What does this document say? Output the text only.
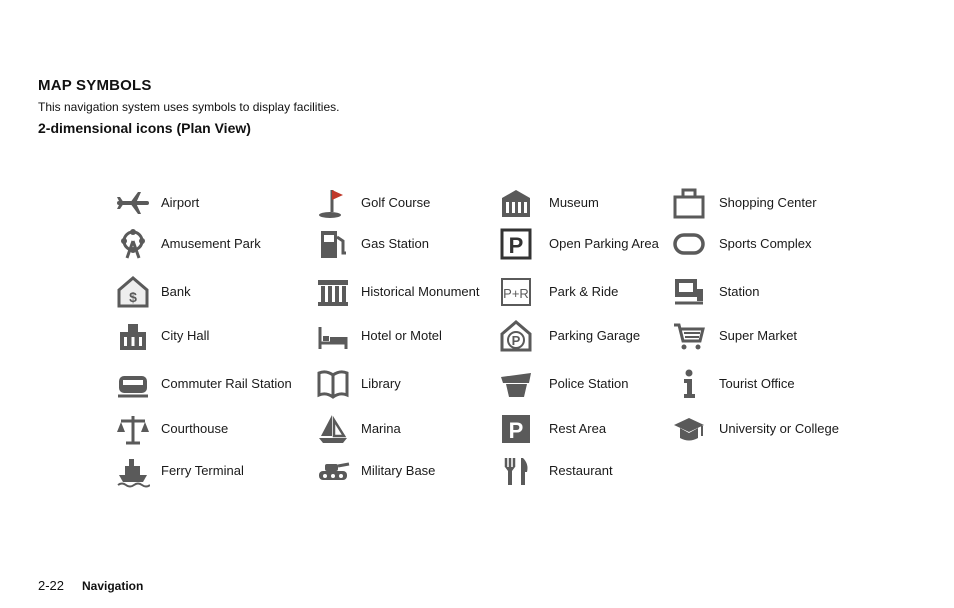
MAP SYMBOLS
This navigation system uses symbols to display facilities.
2-dimensional icons (Plan View)
Airport
Amusement Park
$ Bank
City Hall
Commuter Rail Station
Courthouse
Ferry Terminal
Golf Course
Gas Station
Historical Monument
Hotel or Motel
Library
Marina
Military Base
Museum
P Open Parking Area
P+R Park & Ride
P Parking Garage
Police Station
P Rest Area
Restaurant
Shopping Center
Sports Complex
Station
Super Market
Tourist Office
University or College
2-22 Navigation
